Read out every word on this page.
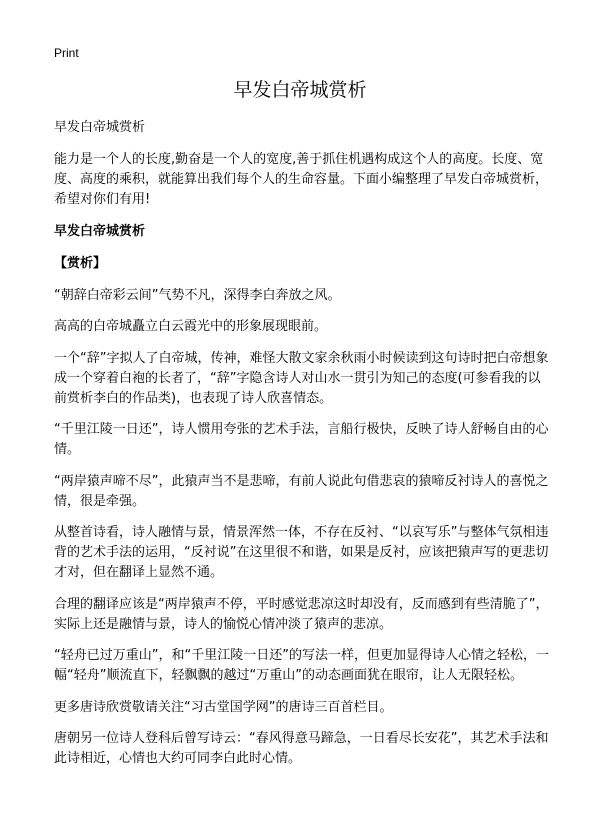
Print
早发白帝城赏析

早发白帝城赏析

能力是一个人的长度,勤奋是一个人的宽度,善于抓住机遇构成这个人的高度。长度、宽度、高度的乘积，就能算出我们每个人的生命容量。下面小编整理了早发白帝城赏析，希望对你们有用!

早发白帝城赏析

【赏析】

“朝辞白帝彩云间”气势不凡，深得李白奔放之风。

高高的白帝城矗立白云霞光中的形象展现眼前。

一个“辞”字拟人了白帝城，传神，难怪大散文家余秋雨小时候读到这句诗时把白帝想象成一个穿着白袍的长者了，“辞”字隐含诗人对山水一贯引为知己的态度(可参看我的以前赏析李白的作品类)，也表现了诗人欣喜情态。

“千里江陵一日还”，诗人惯用夸张的艺术手法，言船行极快，反映了诗人舒畅自由的心情。

“两岸猿声啼不尽”，此猿声当不是悲啼，有前人说此句借悲哀的猿啼反衬诗人的喜悦之情，很是牵强。

从整首诗看，诗人融情与景，情景浑然一体，不存在反衬、“以哀写乐”与整体气氛相违背的艺术手法的运用，“反衬说”在这里很不和谐，如果是反衬，应该把猿声写的更悲切才对，但在翻译上显然不通。

合理的翻译应该是“两岸猿声不停，平时感觉悲凉这时却没有，反而感到有些清脆了”，实际上还是融情与景，诗人的愉悦心情冲淡了猿声的悲凉。

“轻舟已过万重山”，和“千里江陵一日还”的写法一样，但更加显得诗人心情之轻松，一幅“轻舟”顺流直下，轻飘飘的越过“万重山”的动态画面犹在眼帘，让人无限轻松。

更多唐诗欣赏敬请关注“习古堂国学网”的唐诗三百首栏目。

唐朝另一位诗人登科后曾写诗云：“春风得意马蹄急，一日看尽长安花”，其艺术手法和此诗相近，心情也大约可同李白此时心情。
